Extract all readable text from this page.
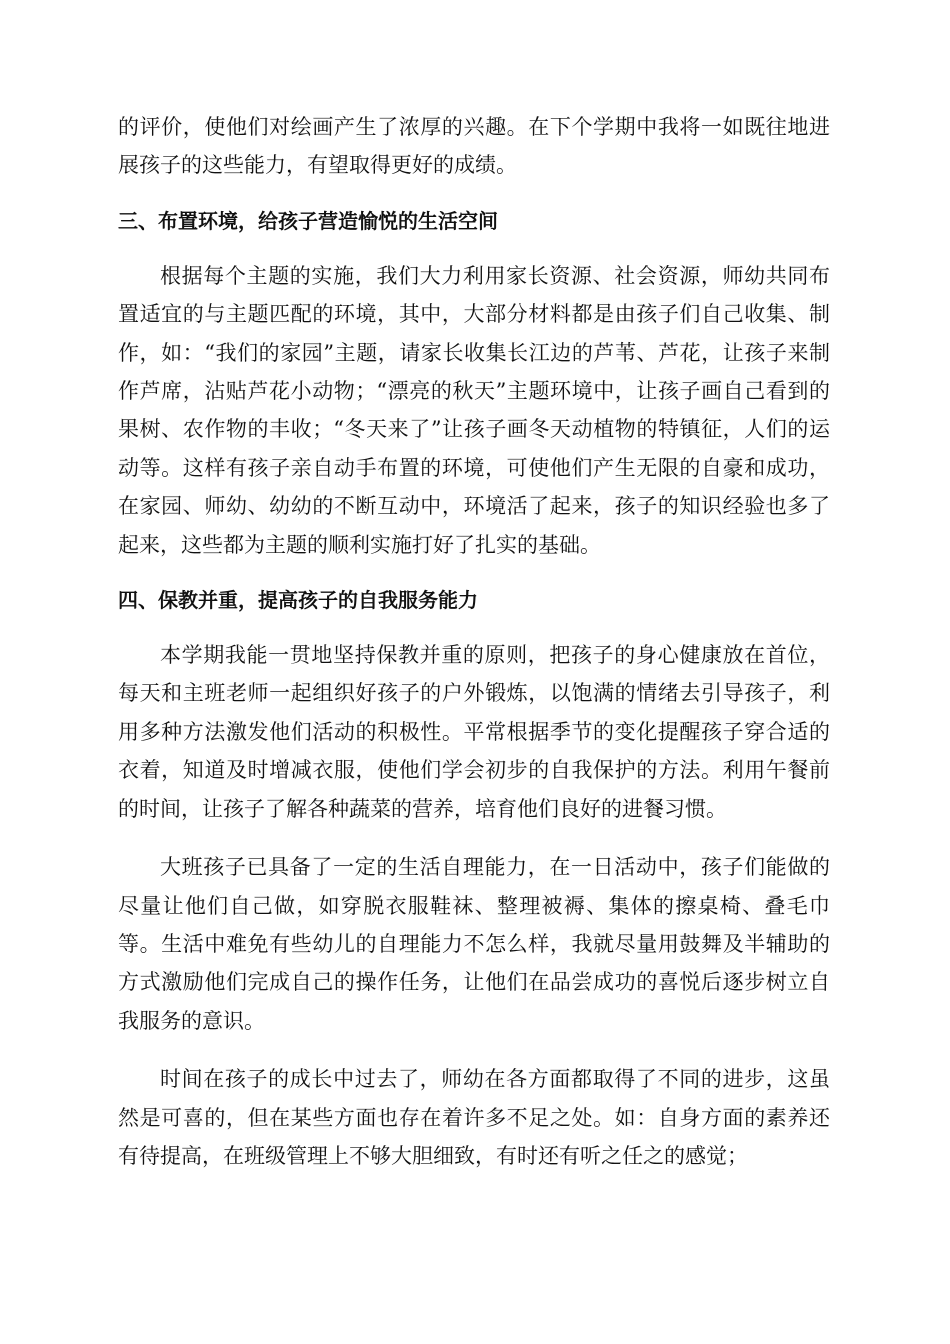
的评价，使他们对绘画产生了浓厚的兴趣。在下个学期中我将一如既往地进展孩子的这些能力，有望取得更好的成绩。

三、布置环境，给孩子营造愉悦的生活空间

根据每个主题的实施，我们大力利用家长资源、社会资源，师幼共同布置适宜的与主题匹配的环境，其中，大部分材料都是由孩子们自己收集、制作，如：“我们的家园”主题，请家长收集长江边的芦苇、芦花，让孩子来制作芦席，沾贴芦花小动物；“漂亮的秋天”主题环境中，让孩子画自己看到的果树、农作物的丰收；“冬天来了”让孩子画冬天动植物的特镇征，人们的运动等。这样有孩子亲自动手布置的环境，可使他们产生无限的自豪和成功，在家园、师幼、幼幼的不断互动中，环境活了起来，孩子的知识经验也多了起来，这些都为主题的顺利实施打好了扎实的基础。

四、保教并重，提高孩子的自我服务能力

本学期我能一贯地坚持保教并重的原则，把孩子的身心健康放在首位，每天和主班老师一起组织好孩子的户外锻炼，以饱满的情绪去引导孩子，利用多种方法激发他们活动的积极性。平常根据季节的变化提醒孩子穿合适的衣着，知道及时增减衣服，使他们学会初步的自我保护的方法。利用午餐前的时间，让孩子了解各种蔬菜的营养，培育他们良好的进餐习惯。

大班孩子已具备了一定的生活自理能力，在一日活动中，孩子们能做的尽量让他们自己做，如穿脱衣服鞋袜、整理被褥、集体的擦桌椅、叠毛巾等。生活中难免有些幼儿的自理能力不怎么样，我就尽量用鼓舞及半辅助的方式激励他们完成自己的操作任务，让他们在品尝成功的喜悦后逐步树立自我服务的意识。

时间在孩子的成长中过去了，师幼在各方面都取得了不同的进步，这虽然是可喜的，但在某些方面也存在着许多不足之处。如：自身方面的素养还有待提高，在班级管理上不够大胆细致，有时还有听之任之的感觉；
